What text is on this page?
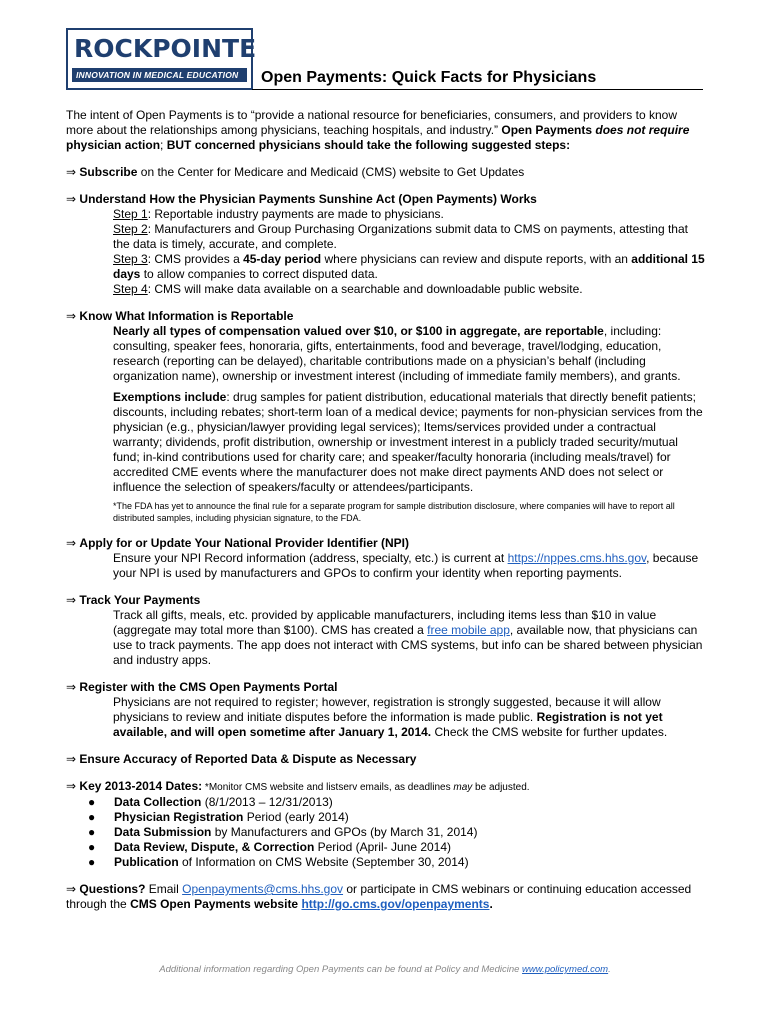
ROCKPOINTE
INNOVATION IN MEDICAL EDUCATION Open Payments: Quick Facts for Physicians

The intent of Open Payments is to “provide a national resource for beneficiaries, consumers, and providers to know more about the relationships among physicians, teaching hospitals, and industry.” Open Payments does not require physician action; BUT concerned physicians should take the following suggested steps:

⇒ Subscribe on the Center for Medicare and Medicaid (CMS) website to Get Updates

⇒ Understand How the Physician Payments Sunshine Act (Open Payments) Works

Step 1: Reportable industry payments are made to physicians.
Step 2: Manufacturers and Group Purchasing Organizations submit data to CMS on payments, attesting that the data is timely, accurate, and complete.
Step 3: CMS provides a 45-day period where physicians can review and dispute reports, with an additional 15 days to allow companies to correct disputed data.
Step 4: CMS will make data available on a searchable and downloadable public website.

⇒ Know What Information is Reportable

Nearly all types of compensation valued over $10, or $100 in aggregate, are reportable, including: consulting, speaker fees, honoraria, gifts, entertainments, food and beverage, travel/lodging, education, research (reporting can be delayed), charitable contributions made on a physician’s behalf (including organization name), ownership or investment interest (including of immediate family members), and grants.
Exemptions include: drug samples for patient distribution, educational materials that directly benefit patients; discounts, including rebates; short-term loan of a medical device; payments for non-physician services from the physician (e.g., physician/lawyer providing legal services); Items/services provided under a contractual warranty; dividends, profit distribution, ownership or investment interest in a publicly traded security/mutual fund; in-kind contributions used for charity care; and speaker/faculty honoraria (including meals/travel) for accredited CME events where the manufacturer does not make direct payments AND does not select or influence the selection of speakers/faculty or attendees/participants.
*The FDA has yet to announce the final rule for a separate program for sample distribution disclosure, where companies will have to report all distributed samples, including physician signature, to the FDA.

⇒ Apply for or Update Your National Provider Identifier (NPI)

Ensure your NPI Record information (address, specialty, etc.) is current at https://nppes.cms.hhs.gov, because your NPI is used by manufacturers and GPOs to confirm your identity when reporting payments.

⇒ Track Your Payments

Track all gifts, meals, etc. provided by applicable manufacturers, including items less than $10 in value (aggregate may total more than $100). CMS has created a free mobile app, available now, that physicians can use to track payments. The app does not interact with CMS systems, but info can be shared between physician and industry apps.

⇒ Register with the CMS Open Payments Portal

Physicians are not required to register; however, registration is strongly suggested, because it will allow physicians to review and initiate disputes before the information is made public. Registration is not yet available, and will open sometime after January 1, 2014. Check the CMS website for further updates.

⇒ Ensure Accuracy of Reported Data & Dispute as Necessary

⇒ Key 2013-2014 Dates: *Monitor CMS website and listserv emails, as deadlines may be adjusted.

● Data Collection (8/1/2013 – 12/31/2013)
● Physician Registration Period (early 2014)
● Data Submission by Manufacturers and GPOs (by March 31, 2014)
● Data Review, Dispute, & Correction Period (April- June 2014)
● Publication of Information on CMS Website (September 30, 2014)

⇒ Questions? Email Openpayments@cms.hhs.gov or participate in CMS webinars or continuing education accessed through the CMS Open Payments website http://go.cms.gov/openpayments.

Additional information regarding Open Payments can be found at Policy and Medicine www.policymed.com.
